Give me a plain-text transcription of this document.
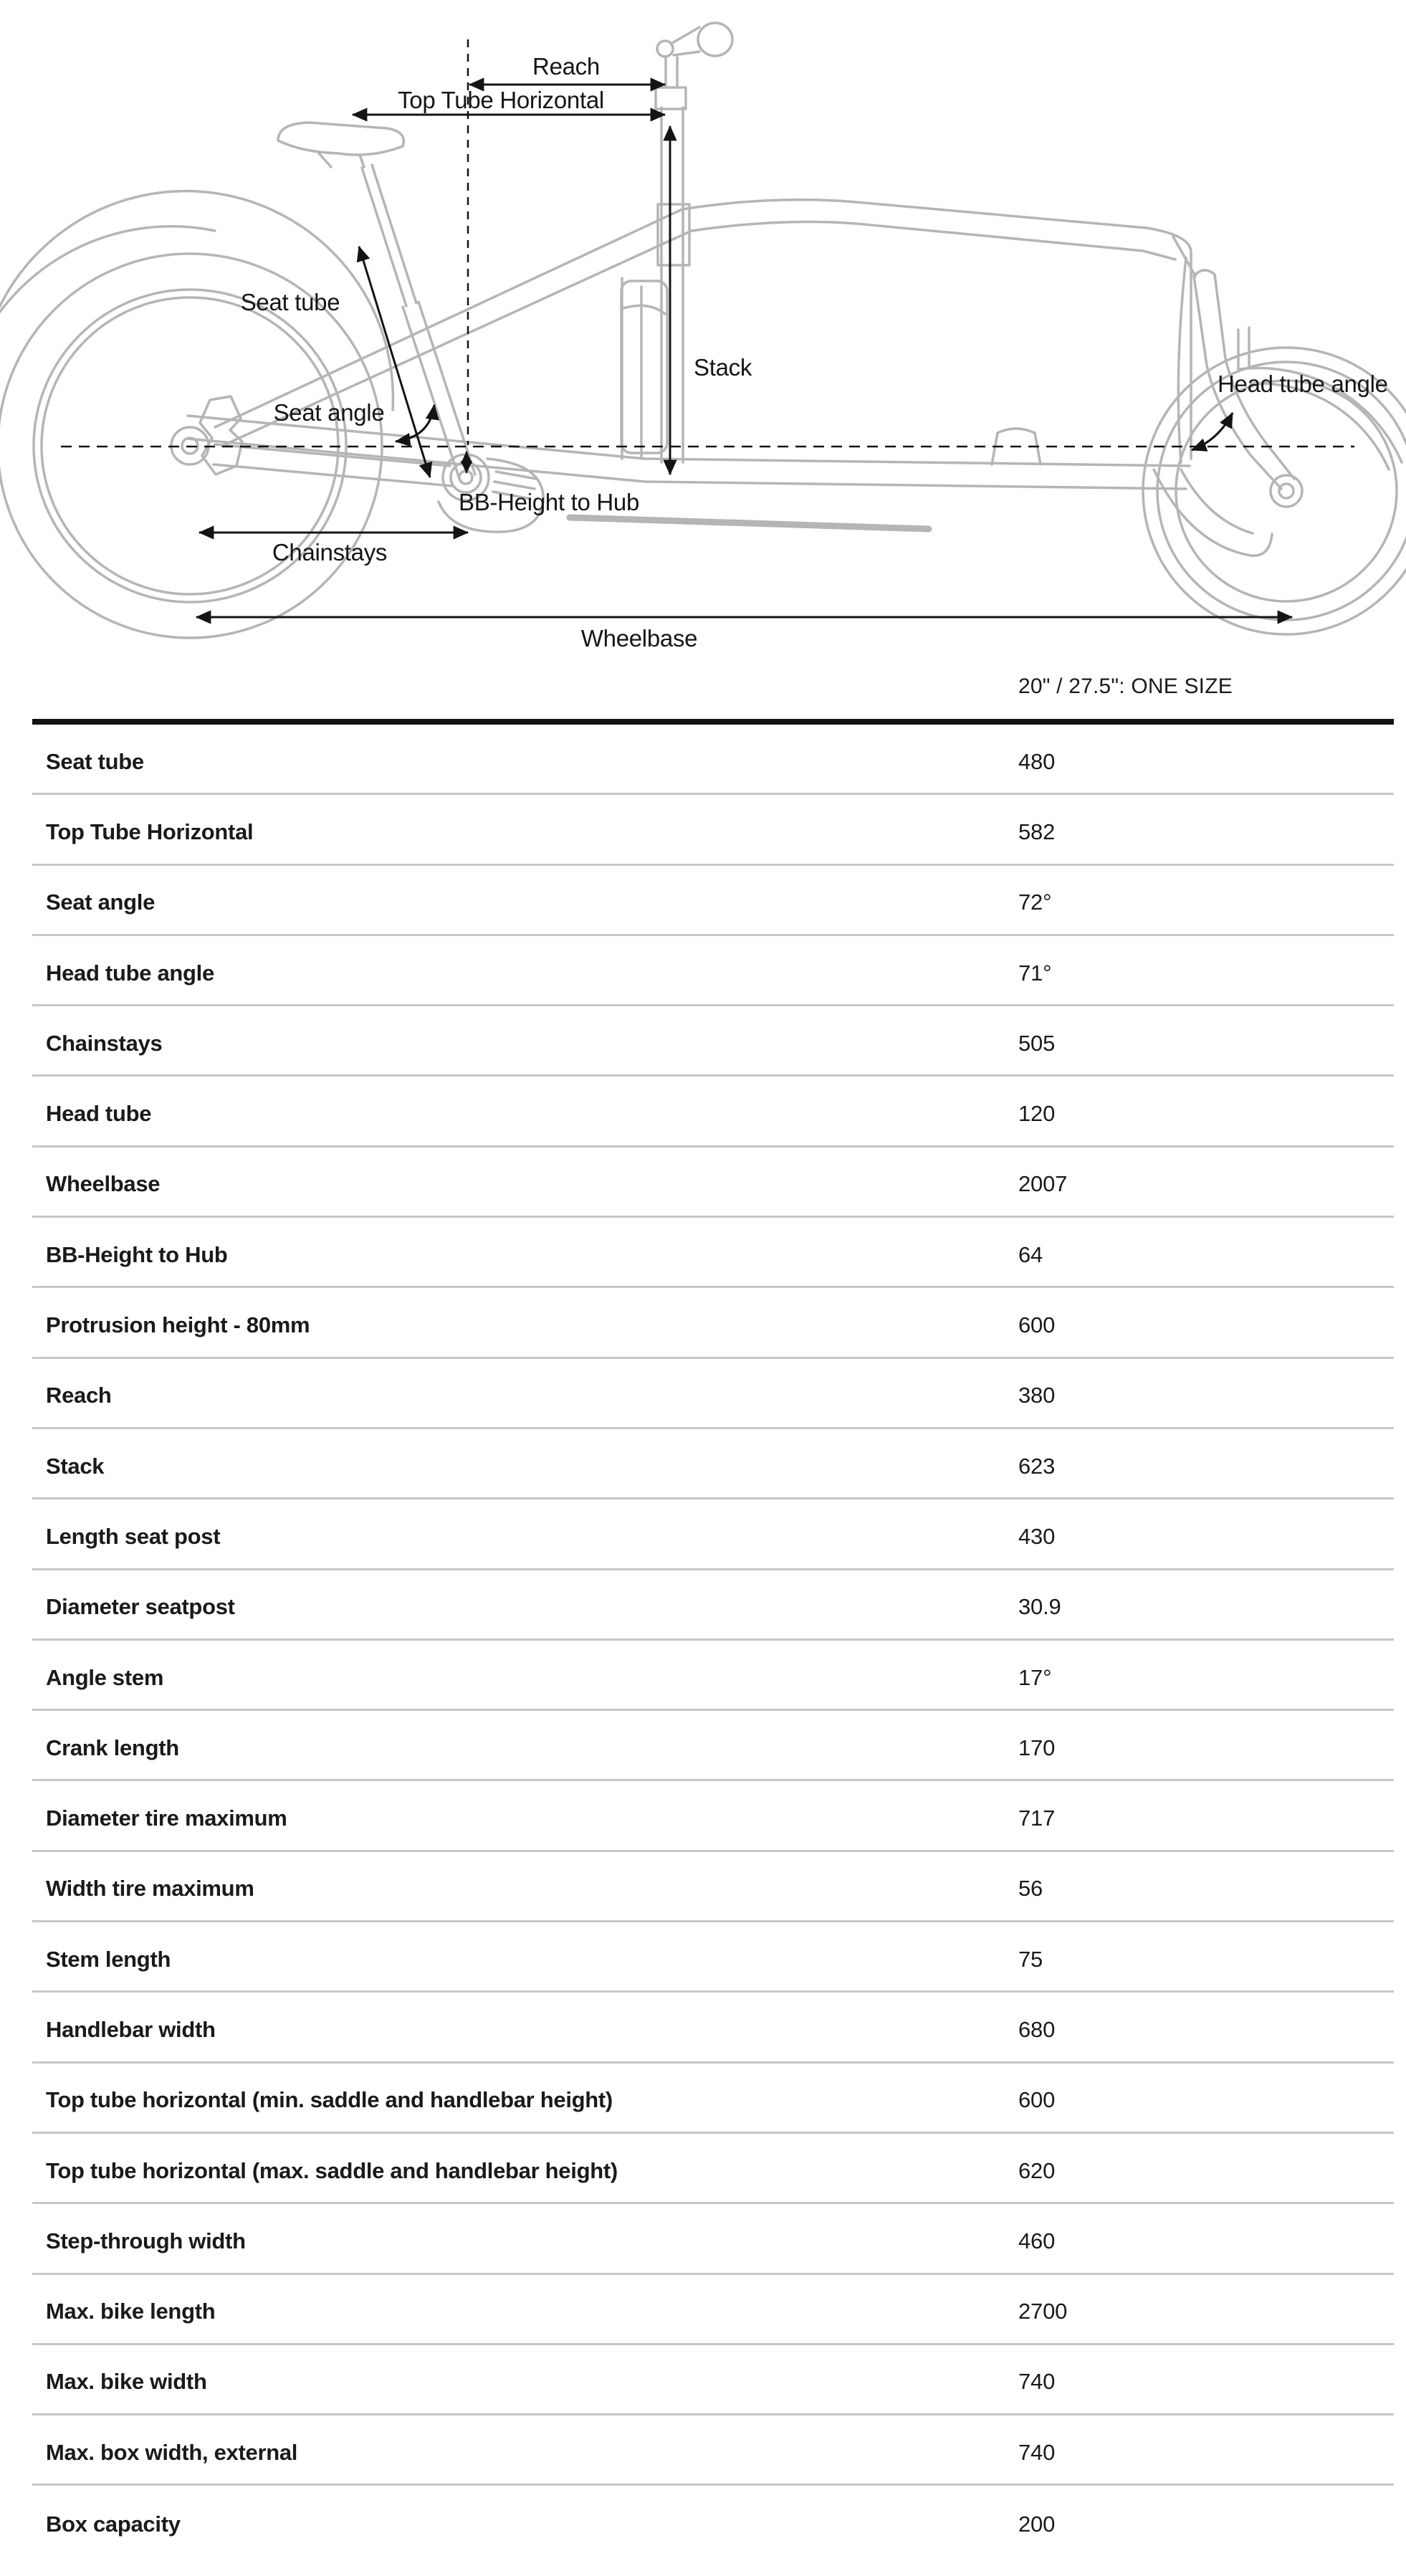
Reach
Top Tube Horizontal
Seat tube
Seat angle
Stack
Head tube angle
BB-Height to Hub
Chainstays
Wheelbase
20" / 27.5": ONE SIZE
Seat tube	480
Top Tube Horizontal	582
Seat angle	72°
Head tube angle	71°
Chainstays	505
Head tube	120
Wheelbase	2007
BB-Height to Hub	64
Protrusion height - 80mm	600
Reach	380
Stack	623
Length seat post	430
Diameter seatpost	30.9
Angle stem	17°
Crank length	170
Diameter tire maximum	717
Width tire maximum	56
Stem length	75
Handlebar width	680
Top tube horizontal (min. saddle and handlebar height)	600
Top tube horizontal (max. saddle and handlebar height)	620
Step-through width	460
Max. bike length	2700
Max. bike width	740
Max. box width, external	740
Box capacity	200
